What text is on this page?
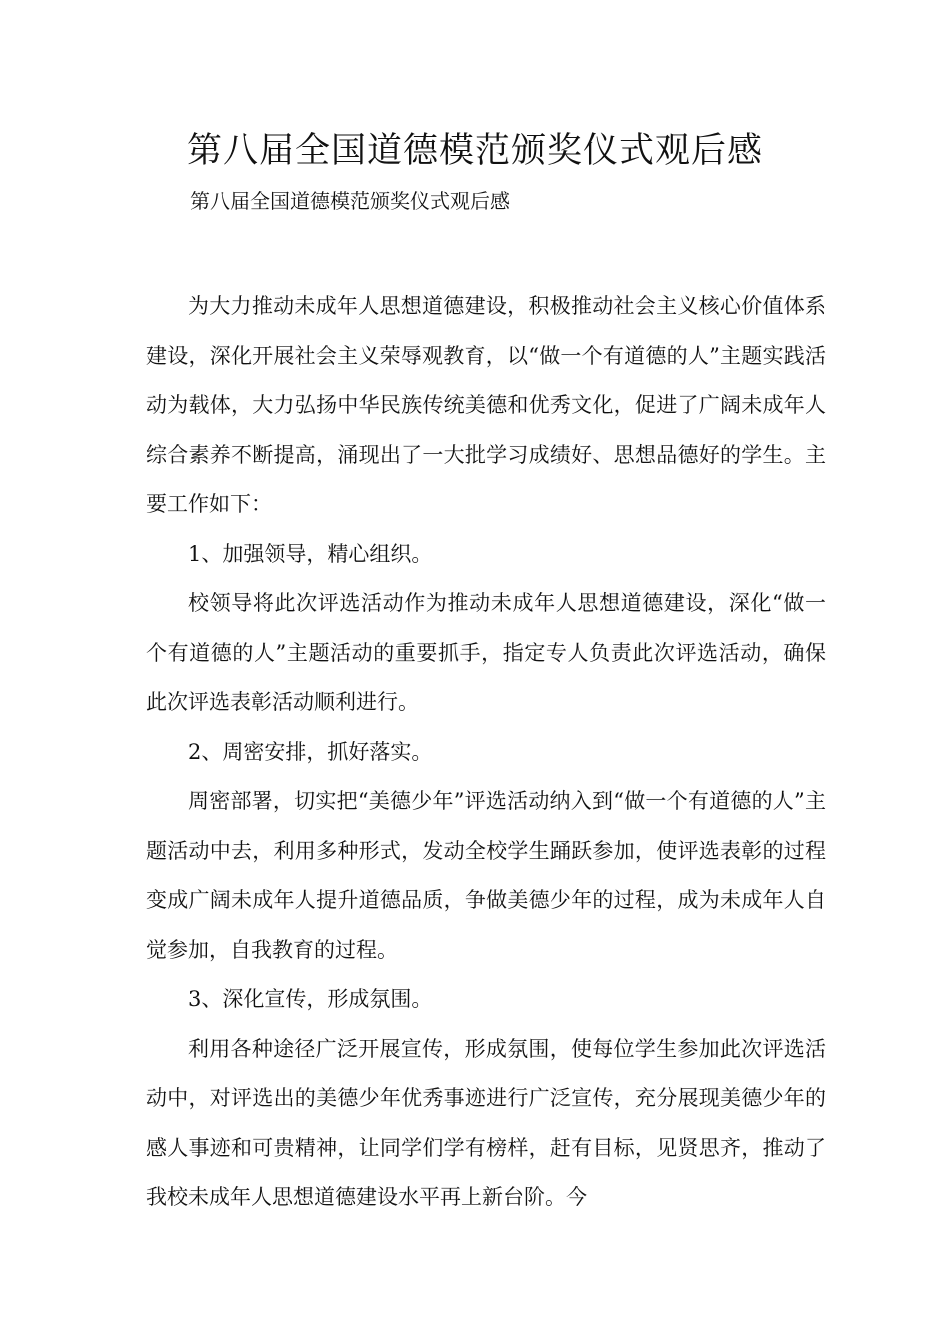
第八届全国道德模范颁奖仪式观后感
第八届全国道德模范颁奖仪式观后感

为大力推动未成年人思想道德建设，积极推动社会主义核心价值体系建设，深化开展社会主义荣辱观教育，以“做一个有道德的人”主题实践活动为载体，大力弘扬中华民族传统美德和优秀文化，促进了广阔未成年人综合素养不断提高，涌现出了一大批学习成绩好、思想品德好的学生。主要工作如下：

1、加强领导，精心组织。

校领导将此次评选活动作为推动未成年人思想道德建设，深化“做一个有道德的人”主题活动的重要抓手，指定专人负责此次评选活动，确保此次评选表彰活动顺利进行。

2、周密安排，抓好落实。

周密部署，切实把“美德少年”评选活动纳入到“做一个有道德的人”主题活动中去，利用多种形式，发动全校学生踊跃参加，使评选表彰的过程变成广阔未成年人提升道德品质，争做美德少年的过程，成为未成年人自觉参加，自我教育的过程。

3、深化宣传，形成氛围。

利用各种途径广泛开展宣传，形成氛围，使每位学生参加此次评选活动中，对评选出的美德少年优秀事迹进行广泛宣传，充分展现美德少年的感人事迹和可贵精神，让同学们学有榜样，赶有目标，见贤思齐，推动了我校未成年人思想道德建设水平再上新台阶。今
